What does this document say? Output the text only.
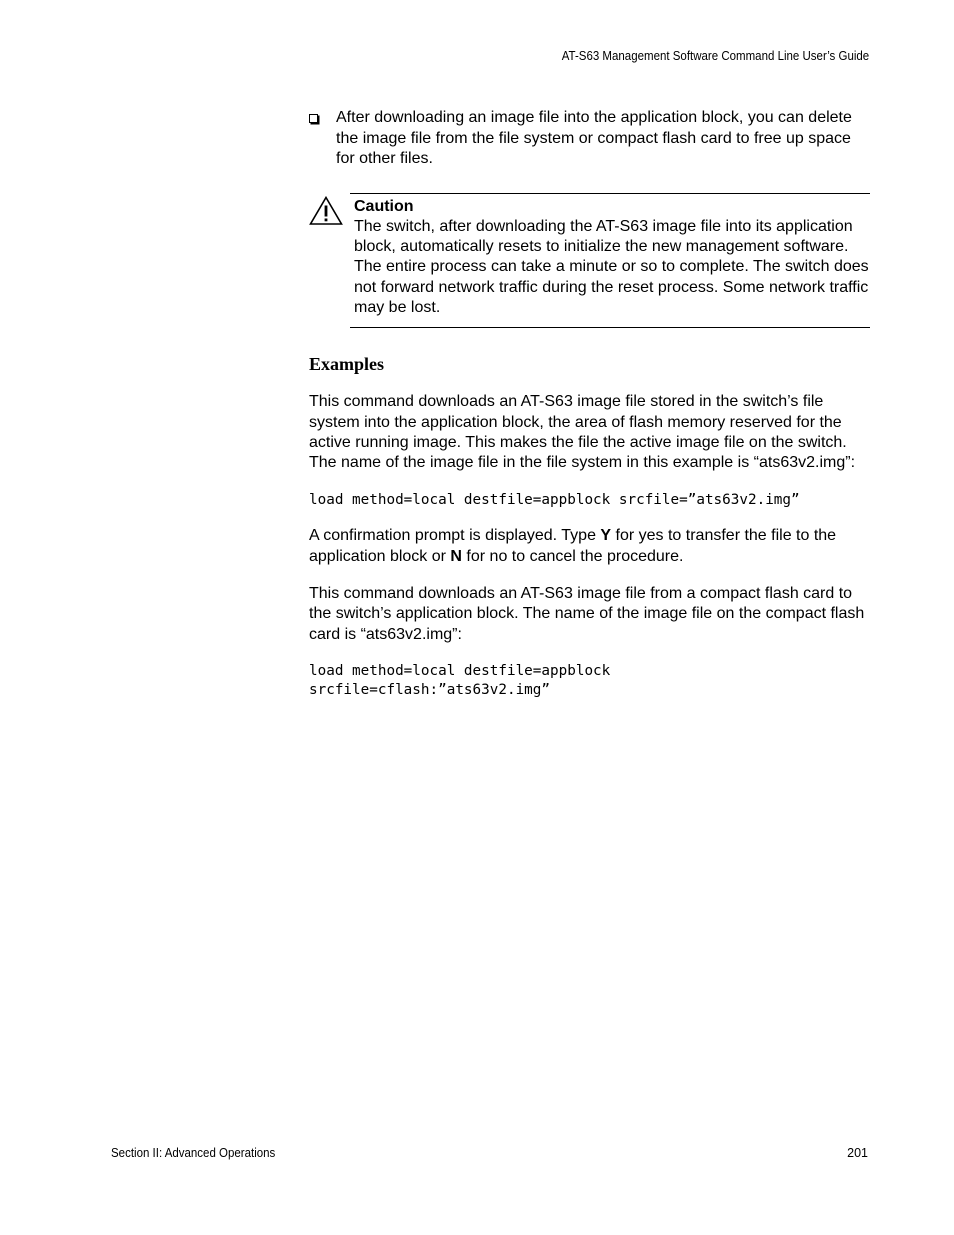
AT-S63 Management Software Command Line User’s Guide
After downloading an image file into the application block, you can delete the image file from the file system or compact flash card to free up space for other files.
Caution
The switch, after downloading the AT-S63 image file into its application block, automatically resets to initialize the new management software. The entire process can take a minute or so to complete. The switch does not forward network traffic during the reset process. Some network traffic may be lost.
Examples
This command downloads an AT-S63 image file stored in the switch’s file system into the application block, the area of flash memory reserved for the active running image. This makes the file the active image file on the switch. The name of the image file in the file system in this example is “ats63v2.img”:
load method=local destfile=appblock srcfile=”ats63v2.img”
A confirmation prompt is displayed. Type Y for yes to transfer the file to the application block or N for no to cancel the procedure.
This command downloads an AT-S63 image file from a compact flash card to the switch’s application block. The name of the image file on the compact flash card is “ats63v2.img”:
load method=local destfile=appblock
srcfile=cflash:”ats63v2.img”
Section II: Advanced Operations	201
